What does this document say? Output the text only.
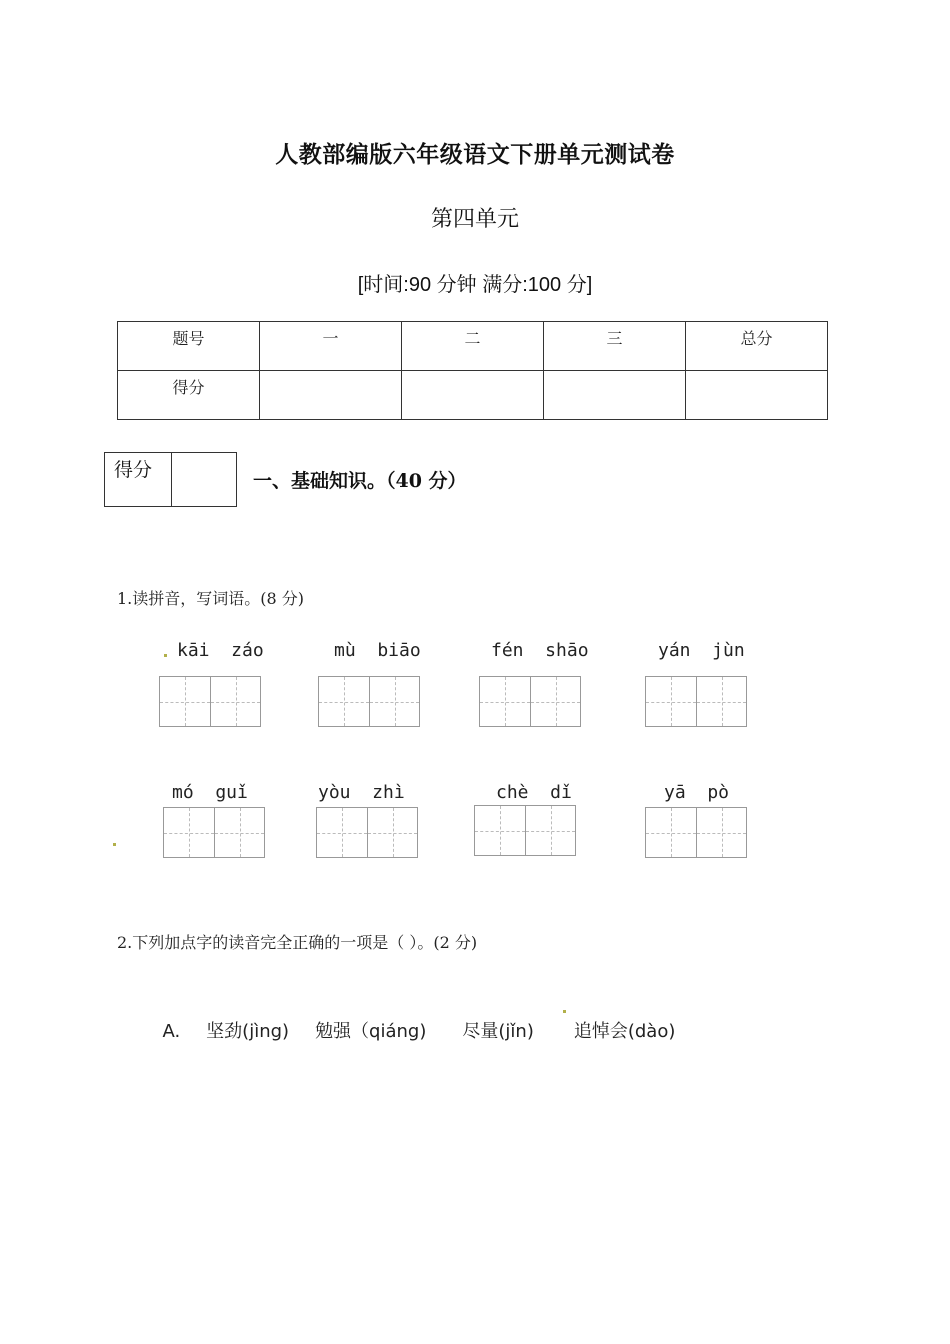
人教部编版六年级语文下册单元测试卷
第四单元
[时间:90 分钟 满分:100 分]
题号	一	二	三	总分
得分				
得分	一、基础知识。（40 分）
1.读拼音，写词语。(8 分)
kāi  záo	mù  biāo	fén  shāo	yán  jùn
mó  guǐ	yòu  zhì	chè  dǐ	yā  pò
2.下列加点字的读音完全正确的一项是（ ）。(2 分)

A. 坚劲(jìng) 勉强（qiáng) 尽量(jǐn) 追悼会(dào)
